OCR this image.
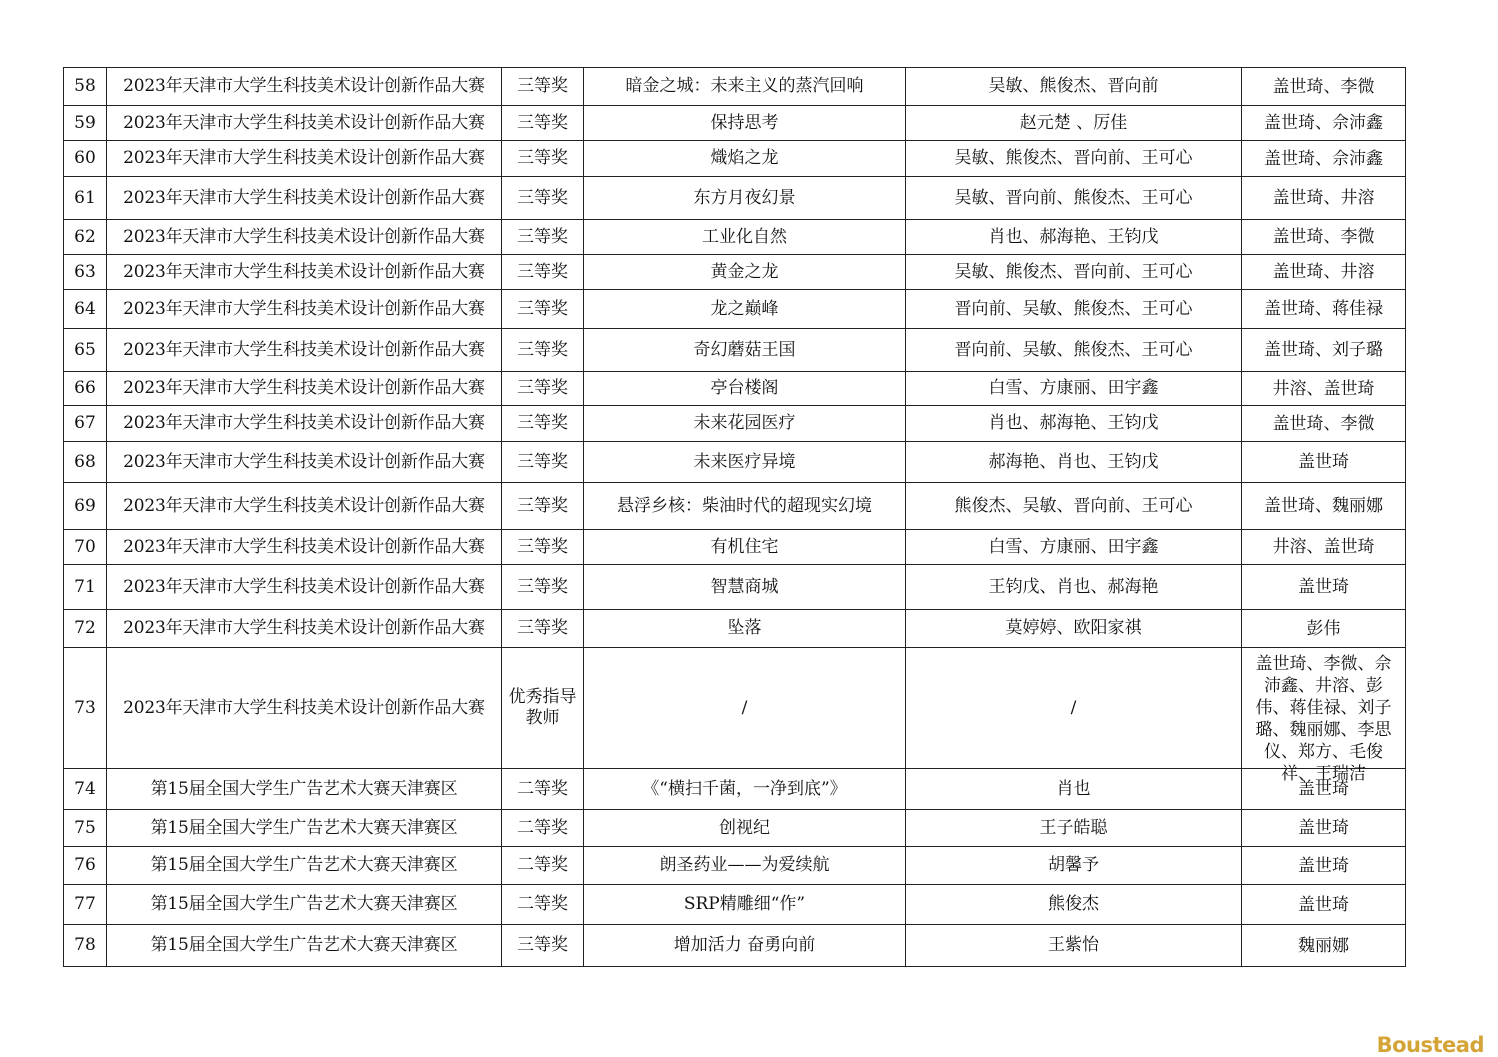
58	2023年天津市大学生科技美术设计创新作品大赛	三等奖	暗金之城：未来主义的蒸汽回响	吴敏、熊俊杰、晋向前	盖世琦、李微
59	2023年天津市大学生科技美术设计创新作品大赛	三等奖	保持思考	赵元楚 、厉佳	盖世琦、佘沛鑫
60	2023年天津市大学生科技美术设计创新作品大赛	三等奖	熾焰之龙	吴敏、熊俊杰、晋向前、王可心	盖世琦、佘沛鑫
61	2023年天津市大学生科技美术设计创新作品大赛	三等奖	东方月夜幻景	吴敏、晋向前、熊俊杰、王可心	盖世琦、井溶
62	2023年天津市大学生科技美术设计创新作品大赛	三等奖	工业化自然	肖也、郝海艳、王钧戊	盖世琦、李微
63	2023年天津市大学生科技美术设计创新作品大赛	三等奖	黄金之龙	吴敏、熊俊杰、晋向前、王可心	盖世琦、井溶
64	2023年天津市大学生科技美术设计创新作品大赛	三等奖	龙之巅峰	晋向前、吴敏、熊俊杰、王可心	盖世琦、蒋佳禄
65	2023年天津市大学生科技美术设计创新作品大赛	三等奖	奇幻蘑菇王国	晋向前、吴敏、熊俊杰、王可心	盖世琦、刘子璐
66	2023年天津市大学生科技美术设计创新作品大赛	三等奖	亭台楼阁	白雪、方康丽、田宇鑫	井溶、盖世琦
67	2023年天津市大学生科技美术设计创新作品大赛	三等奖	未来花园医疗	肖也、郝海艳、王钧戊	盖世琦、李微
68	2023年天津市大学生科技美术设计创新作品大赛	三等奖	未来医疗异境	郝海艳、肖也、王钧戊	盖世琦
69	2023年天津市大学生科技美术设计创新作品大赛	三等奖	悬浮乡核：柴油时代的超现实幻境	熊俊杰、吴敏、晋向前、王可心	盖世琦、魏丽娜
70	2023年天津市大学生科技美术设计创新作品大赛	三等奖	有机住宅	白雪、方康丽、田宇鑫	井溶、盖世琦
71	2023年天津市大学生科技美术设计创新作品大赛	三等奖	智慧商城	王钧戊、肖也、郝海艳	盖世琦
72	2023年天津市大学生科技美术设计创新作品大赛	三等奖	坠落	莫婷婷、欧阳家祺	彭伟
73	2023年天津市大学生科技美术设计创新作品大赛	优秀指导教师	/	/	盖世琦、李微、佘沛鑫、井溶、彭伟、蒋佳禄、刘子璐、魏丽娜、李思仪、郑方、毛俊祥、王瑞洁

74	第15届全国大学生广告艺术大赛天津赛区	二等奖	《“横扫千菌，一净到底”》	肖也	盖世琦
75	第15届全国大学生广告艺术大赛天津赛区	二等奖	创视纪	王子皓聪	盖世琦
76	第15届全国大学生广告艺术大赛天津赛区	二等奖	朗圣药业——为爱续航	胡馨予	盖世琦
77	第15届全国大学生广告艺术大赛天津赛区	二等奖	SRP精雕细“作”	熊俊杰	盖世琦
78	第15届全国大学生广告艺术大赛天津赛区	三等奖	增加活力 奋勇向前	王紫怡	魏丽娜
Boustead
